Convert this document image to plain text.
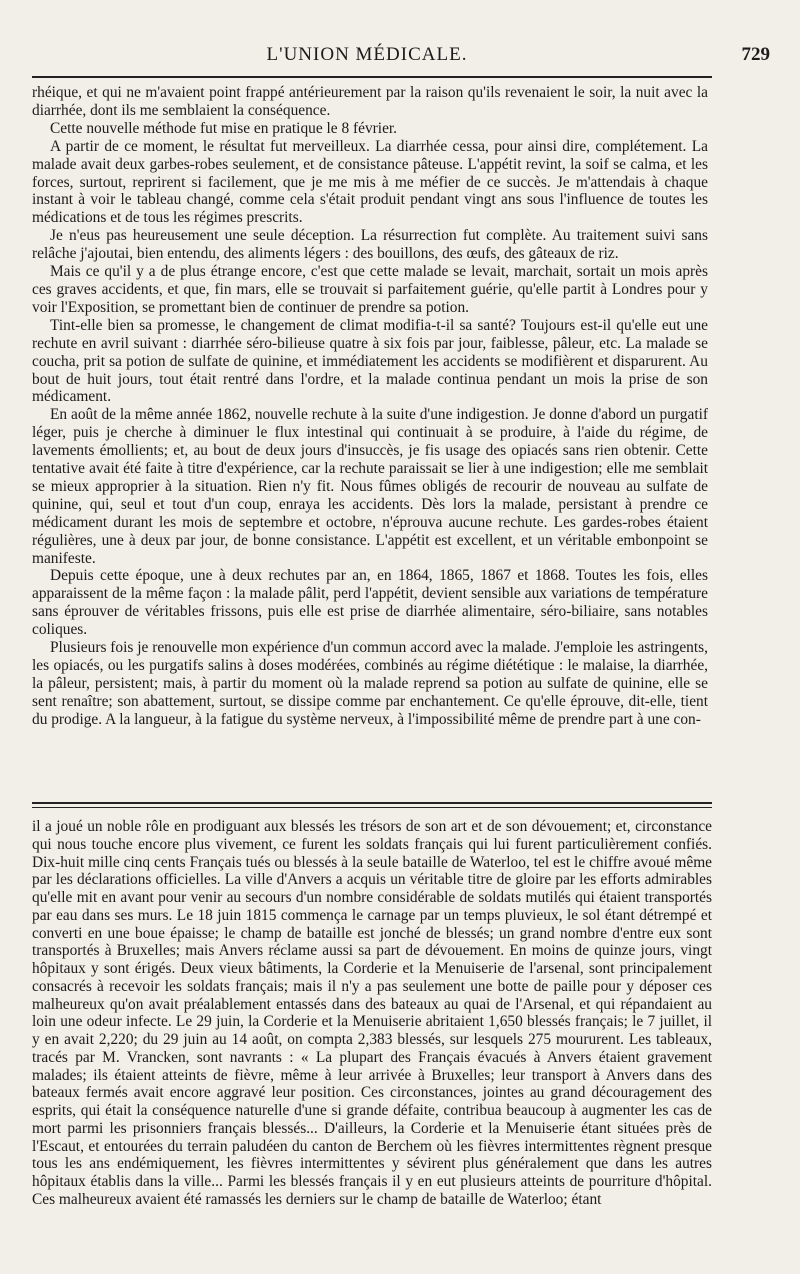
L'UNION MÉDICALE.	729

rhéique, et qui ne m'avaient point frappé antérieurement par la raison qu'ils revenaient le soir, la nuit avec la diarrhée, dont ils me semblaient la conséquence.

Cette nouvelle méthode fut mise en pratique le 8 février.

A partir de ce moment, le résultat fut merveilleux. La diarrhée cessa, pour ainsi dire, complétement. La malade avait deux garbes-robes seulement, et de consistance pâteuse. L'appétit revint, la soif se calma, et les forces, surtout, reprirent si facilement, que je me mis à me méfier de ce succès. Je m'attendais à chaque instant à voir le tableau changé, comme cela s'était produit pendant vingt ans sous l'influence de toutes les médications et de tous les régimes prescrits.

Je n'eus pas heureusement une seule déception. La résurrection fut complète. Au traitement suivi sans relâche j'ajoutai, bien entendu, des aliments légers : des bouillons, des œufs, des gâteaux de riz.

Mais ce qu'il y a de plus étrange encore, c'est que cette malade se levait, marchait, sortait un mois après ces graves accidents, et que, fin mars, elle se trouvait si parfaitement guérie, qu'elle partit à Londres pour y voir l'Exposition, se promettant bien de continuer de prendre sa potion.

Tint-elle bien sa promesse, le changement de climat modifia-t-il sa santé? Toujours est-il qu'elle eut une rechute en avril suivant : diarrhée séro-bilieuse quatre à six fois par jour, faiblesse, pâleur, etc. La malade se coucha, prit sa potion de sulfate de quinine, et immédiatement les accidents se modifièrent et disparurent. Au bout de huit jours, tout était rentré dans l'ordre, et la malade continua pendant un mois la prise de son médicament.

En août de la même année 1862, nouvelle rechute à la suite d'une indigestion. Je donne d'abord un purgatif léger, puis je cherche à diminuer le flux intestinal qui continuait à se produire, à l'aide du régime, de lavements émollients; et, au bout de deux jours d'insuccès, je fis usage des opiacés sans rien obtenir. Cette tentative avait été faite à titre d'expérience, car la rechute paraissait se lier à une indigestion; elle me semblait se mieux approprier à la situation. Rien n'y fit. Nous fûmes obligés de recourir de nouveau au sulfate de quinine, qui, seul et tout d'un coup, enraya les accidents. Dès lors la malade, persistant à prendre ce médicament durant les mois de septembre et octobre, n'éprouva aucune rechute. Les gardes-robes étaient régulières, une à deux par jour, de bonne consistance. L'appétit est excellent, et un véritable embonpoint se manifeste.

Depuis cette époque, une à deux rechutes par an, en 1864, 1865, 1867 et 1868. Toutes les fois, elles apparaissent de la même façon : la malade pâlit, perd l'appétit, devient sensible aux variations de température sans éprouver de véritables frissons, puis elle est prise de diarrhée alimentaire, séro-biliaire, sans notables coliques.

Plusieurs fois je renouvelle mon expérience d'un commun accord avec la malade. J'emploie les astringents, les opiacés, ou les purgatifs salins à doses modérées, combinés au régime diététique : le malaise, la diarrhée, la pâleur, persistent; mais, à partir du moment où la malade reprend sa potion au sulfate de quinine, elle se sent renaître; son abattement, surtout, se dissipe comme par enchantement. Ce qu'elle éprouve, dit-elle, tient du prodige. A la langueur, à la fatigue du système nerveux, à l'impossibilité même de prendre part à une con-

il a joué un noble rôle en prodiguant aux blessés les trésors de son art et de son dévouement; et, circonstance qui nous touche encore plus vivement, ce furent les soldats français qui lui furent particulièrement confiés. Dix-huit mille cinq cents Français tués ou blessés à la seule bataille de Waterloo, tel est le chiffre avoué même par les déclarations officielles. La ville d'Anvers a acquis un véritable titre de gloire par les efforts admirables qu'elle mit en avant pour venir au secours d'un nombre considérable de soldats mutilés qui étaient transportés par eau dans ses murs. Le 18 juin 1815 commença le carnage par un temps pluvieux, le sol étant détrempé et converti en une boue épaisse; le champ de bataille est jonché de blessés; un grand nombre d'entre eux sont transportés à Bruxelles; mais Anvers réclame aussi sa part de dévouement. En moins de quinze jours, vingt hôpitaux y sont érigés. Deux vieux bâtiments, la Corderie et la Menuiserie de l'arsenal, sont principalement consacrés à recevoir les soldats français; mais il n'y a pas seulement une botte de paille pour y déposer ces malheureux qu'on avait préalablement entassés dans des bateaux au quai de l'Arsenal, et qui répandaient au loin une odeur infecte. Le 29 juin, la Corderie et la Menuiserie abritaient 1,650 blessés français; le 7 juillet, il y en avait 2,220; du 29 juin au 14 août, on compta 2,383 blessés, sur lesquels 275 moururent. Les tableaux, tracés par M. Vrancken, sont navrants : « La plupart des Français évacués à Anvers étaient gravement malades; ils étaient atteints de fièvre, même à leur arrivée à Bruxelles; leur transport à Anvers dans des bateaux fermés avait encore aggravé leur position. Ces circonstances, jointes au grand découragement des esprits, qui était la conséquence naturelle d'une si grande défaite, contribua beaucoup à augmenter les cas de mort parmi les prisonniers français blessés... D'ailleurs, la Corderie et la Menuiserie étant situées près de l'Escaut, et entourées du terrain paludéen du canton de Berchem où les fièvres intermittentes règnent presque tous les ans endémiquement, les fièvres intermittentes y sévirent plus généralement que dans les autres hôpitaux établis dans la ville... Parmi les blessés français il y en eut plusieurs atteints de pourriture d'hôpital. Ces malheureux avaient été ramassés les derniers sur le champ de bataille de Waterloo; étant
